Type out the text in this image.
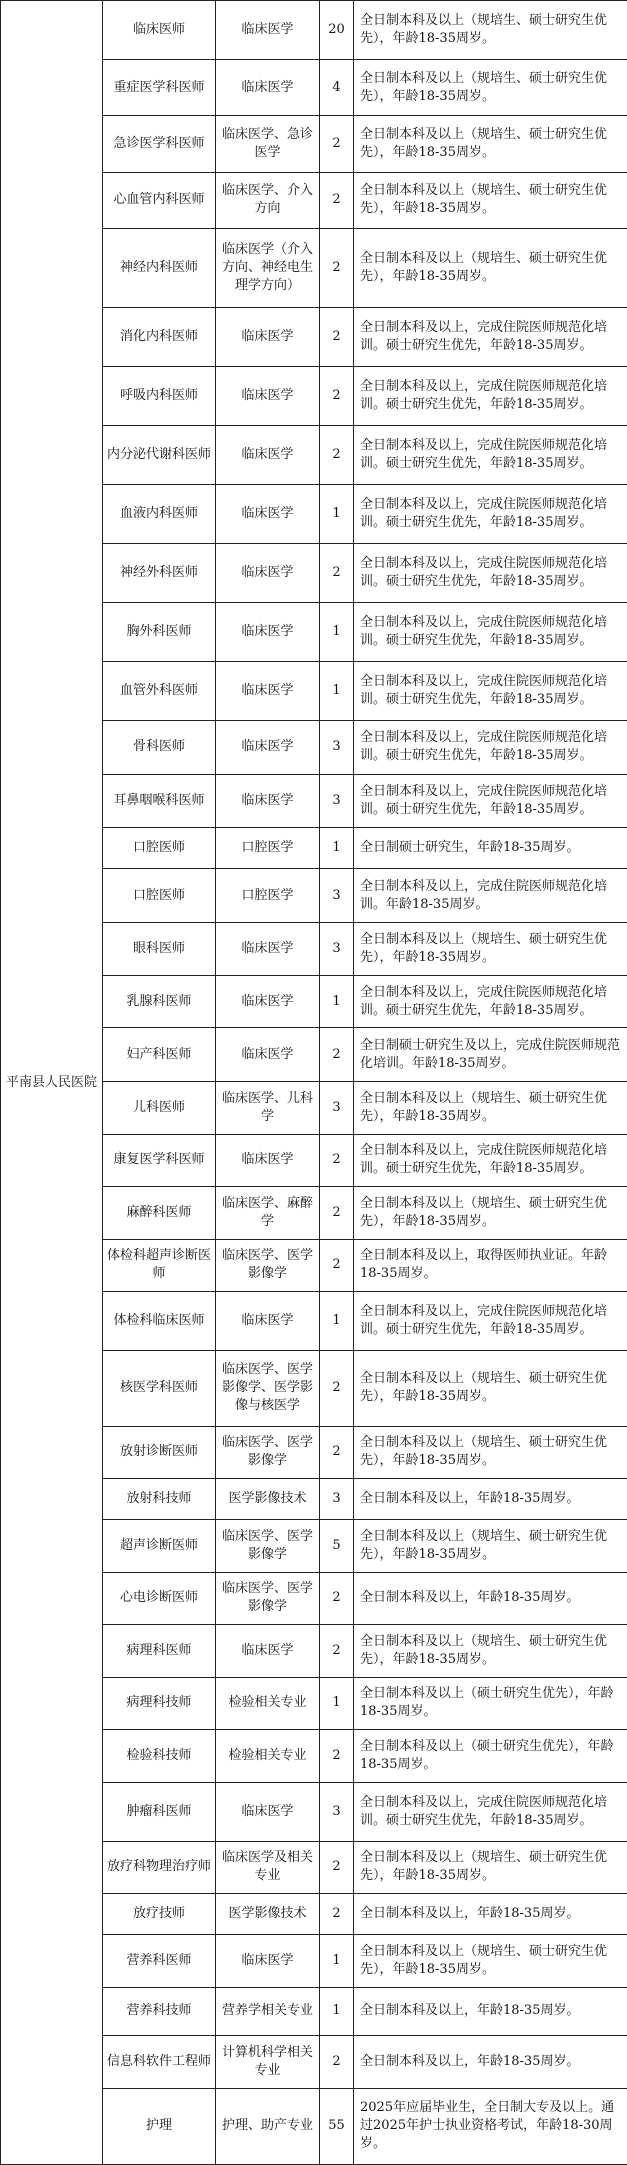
平南县人民医院	临床医师	临床医学	20	全日制本科及以上（规培生、硕士研究生优先），年龄18-35周岁。
	重症医学科医师	临床医学	4	全日制本科及以上（规培生、硕士研究生优先），年龄18-35周岁。
	急诊医学科医师	临床医学、急诊医学	2	全日制本科及以上（规培生、硕士研究生优先），年龄18-35周岁。
	心血管内科医师	临床医学、介入方向	2	全日制本科及以上（规培生、硕士研究生优先），年龄18-35周岁。
	神经内科医师	临床医学（介入方向、神经电生理学方向）	2	全日制本科及以上（规培生、硕士研究生优先），年龄18-35周岁。
	消化内科医师	临床医学	2	全日制本科及以上，完成住院医师规范化培训。硕士研究生优先，年龄18-35周岁。
	呼吸内科医师	临床医学	2	全日制本科及以上，完成住院医师规范化培训。硕士研究生优先，年龄18-35周岁。
	内分泌代谢科医师	临床医学	2	全日制本科及以上，完成住院医师规范化培训。硕士研究生优先，年龄18-35周岁。
	血液内科医师	临床医学	1	全日制本科及以上，完成住院医师规范化培训。硕士研究生优先，年龄18-35周岁。
	神经外科医师	临床医学	2	全日制本科及以上，完成住院医师规范化培训。硕士研究生优先，年龄18-35周岁。
	胸外科医师	临床医学	1	全日制本科及以上，完成住院医师规范化培训。硕士研究生优先，年龄18-35周岁。
	血管外科医师	临床医学	1	全日制本科及以上，完成住院医师规范化培训。硕士研究生优先，年龄18-35周岁。
	骨科医师	临床医学	3	全日制本科及以上，完成住院医师规范化培训。硕士研究生优先，年龄18-35周岁。
	耳鼻咽喉科医师	临床医学	3	全日制本科及以上，完成住院医师规范化培训。硕士研究生优先，年龄18-35周岁。
	口腔医师	口腔医学	1	全日制硕士研究生，年龄18-35周岁。
	口腔医师	口腔医学	3	全日制本科及以上，完成住院医师规范化培训。年龄18-35周岁。
	眼科医师	临床医学	3	全日制本科及以上（规培生、硕士研究生优先），年龄18-35周岁。
	乳腺科医师	临床医学	1	全日制本科及以上，完成住院医师规范化培训。硕士研究生优先，年龄18-35周岁。
	妇产科医师	临床医学	2	全日制硕士研究生及以上，完成住院医师规范化培训。年龄18-35周岁。
	儿科医师	临床医学、儿科学	3	全日制本科及以上（规培生、硕士研究生优先），年龄18-35周岁。
	康复医学科医师	临床医学	2	全日制本科及以上，完成住院医师规范化培训。硕士研究生优先，年龄18-35周岁。
	麻醉科医师	临床医学、麻醉学	2	全日制本科及以上（规培生、硕士研究生优先），年龄18-35周岁。
	体检科超声诊断医师	临床医学、医学影像学	2	全日制本科及以上，取得医师执业证。年龄18-35周岁。
	体检科临床医师	临床医学	1	全日制本科及以上，完成住院医师规范化培训。硕士研究生优先，年龄18-35周岁。
	核医学科医师	临床医学、医学影像学、医学影像与核医学	2	全日制本科及以上（规培生、硕士研究生优先），年龄18-35周岁。
	放射诊断医师	临床医学、医学影像学	2	全日制本科及以上（规培生、硕士研究生优先），年龄18-35周岁。
	放射科技师	医学影像技术	3	全日制本科及以上，年龄18-35周岁。
	超声诊断医师	临床医学、医学影像学	5	全日制本科及以上（规培生、硕士研究生优先），年龄18-35周岁。
	心电诊断医师	临床医学、医学影像学	2	全日制本科及以上，年龄18-35周岁。
	病理科医师	临床医学	2	全日制本科及以上（规培生、硕士研究生优先），年龄18-35周岁。
	病理科技师	检验相关专业	1	全日制本科及以上（硕士研究生优先），年龄18-35周岁。
	检验科技师	检验相关专业	2	全日制本科及以上（硕士研究生优先），年龄18-35周岁。
	肿瘤科医师	临床医学	3	全日制本科及以上，完成住院医师规范化培训。硕士研究生优先，年龄18-35周岁。
	放疗科物理治疗师	临床医学及相关专业	2	全日制本科及以上（规培生、硕士研究生优先），年龄18-35周岁。
	放疗技师	医学影像技术	2	全日制本科及以上，年龄18-35周岁。
	营养科医师	临床医学	1	全日制本科及以上（规培生、硕士研究生优先），年龄18-35周岁。
	营养科技师	营养学相关专业	1	全日制本科及以上，年龄18-35周岁。
	信息科软件工程师	计算机科学相关专业	2	全日制本科及以上，年龄18-35周岁。
	护理	护理、助产专业	55	2025年应届毕业生，全日制大专及以上。通过2025年护士执业资格考试，年龄18-30周岁。
